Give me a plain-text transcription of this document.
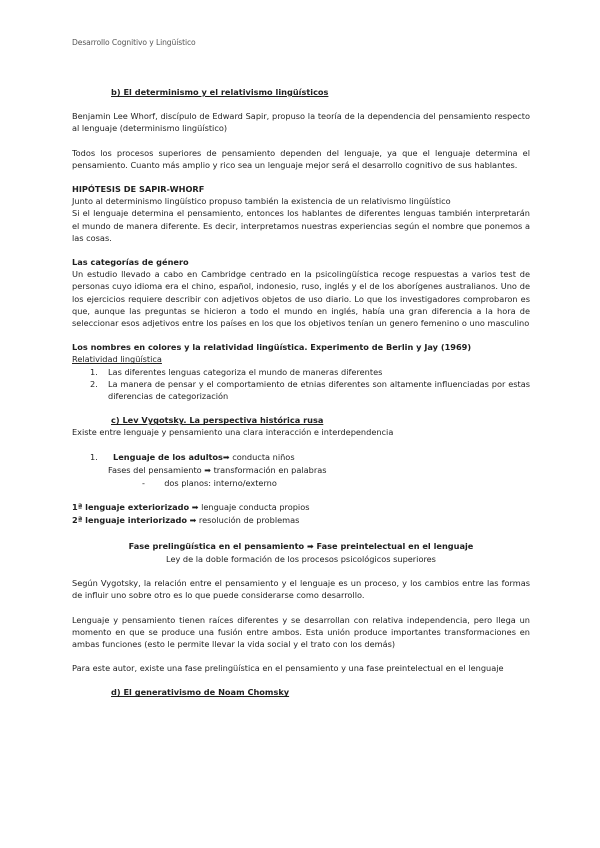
Desarrollo Cognitivo y Lingüístico

b) El determinismo y el relativismo lingüísticos

Benjamin Lee Whorf, discípulo de Edward Sapir, propuso la teoría de la dependencia del pensamiento respecto al lenguaje (determinismo lingüístico)

Todos los procesos superiores de pensamiento dependen del lenguaje, ya que el lenguaje determina el pensamiento. Cuanto más amplio y rico sea un lenguaje mejor será el desarrollo cognitivo de sus hablantes.

HIPÓTESIS DE SAPIR-WHORF

Junto al determinismo lingüístico propuso también la existencia de un relativismo lingüístico

Si el lenguaje determina el pensamiento, entonces los hablantes de diferentes lenguas también interpretarán el mundo de manera diferente. Es decir, interpretamos nuestras experiencias según el nombre que ponemos a las cosas.

Las categorías de género

Un estudio llevado a cabo en Cambridge centrado en la psicolingüística recoge respuestas a varios test de personas cuyo idioma era el chino, español, indonesio, ruso, inglés y el de los aborígenes australianos. Uno de los ejercicios requiere describir con adjetivos objetos de uso diario. Lo que los investigadores comprobaron es que, aunque las preguntas se hicieron a todo el mundo en inglés, había una gran diferencia a la hora de seleccionar esos adjetivos entre los países en los que los objetivos tenían un genero femenino o uno masculino

Los nombres en colores y la relatividad lingüística. Experimento de Berlin y Jay (1969)

Relatividad lingüística

1. Las diferentes lenguas categoriza el mundo de maneras diferentes
2. La manera de pensar y el comportamiento de etnias diferentes son altamente influenciadas por estas diferencias de categorización

c) Lev Vygotsky. La perspectiva histórica rusa

Existe entre lenguaje y pensamiento una clara interacción e interdependencia

1. Lenguaje de los adultos➡ conducta niños

Fases del pensamiento ➡ transformación en palabras

- dos planos: interno/externo

1ª lenguaje exteriorizado ➡ lenguaje conducta propios

2ª lenguaje interiorizado ➡ resolución de problemas

Fase prelingüística en el pensamiento ➡ Fase preintelectual en el lenguaje

Ley de la doble formación de los procesos psicológicos superiores

Según Vygotsky, la relación entre el pensamiento y el lenguaje es un proceso, y los cambios entre las formas de influir uno sobre otro es lo que puede considerarse como desarrollo.

Lenguaje y pensamiento tienen raíces diferentes y se desarrollan con relativa independencia, pero llega un momento en que se produce una fusión entre ambos. Esta unión produce importantes transformaciones en ambas funciones (esto le permite llevar la vida social y el trato con los demás)

Para este autor, existe una fase prelingüística en el pensamiento y una fase preintelectual en el lenguaje

d) El generativismo de Noam Chomsky
